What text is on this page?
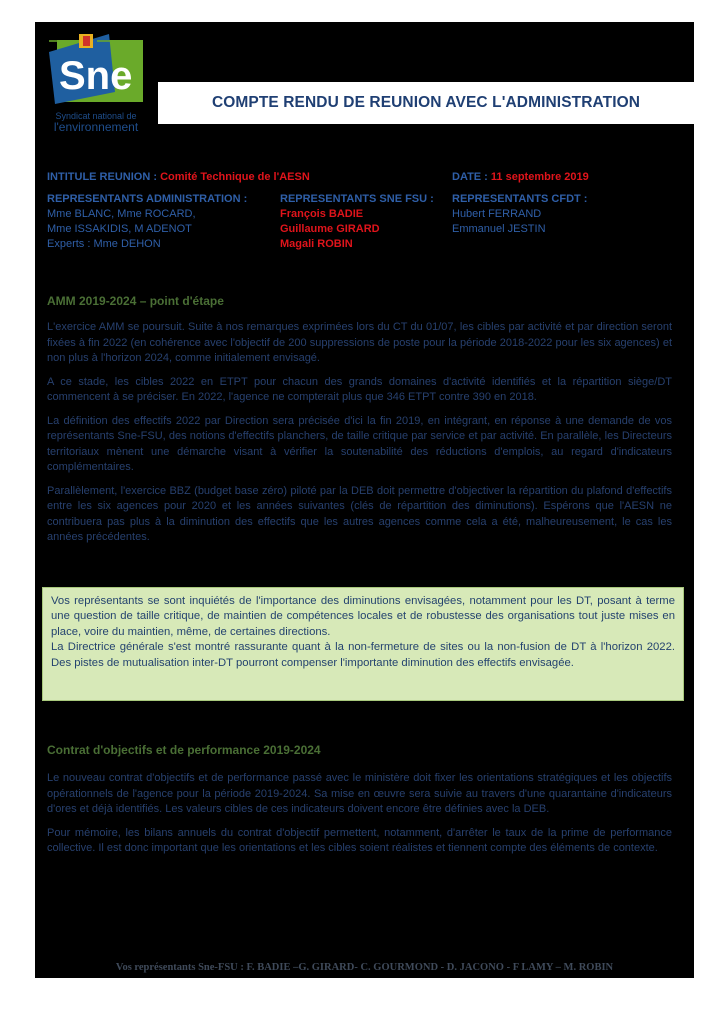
Sne
Syndicat national de
l'environnement
COMPTE RENDU DE REUNION AVEC L'ADMINISTRATION
INTITULE REUNION : Comité Technique de l'AESN	DATE : 11 septembre 2019
REPRESENTANTS ADMINISTRATION :
Mme BLANC, Mme ROCARD,
Mme ISSAKIDIS, M ADENOT
Experts : Mme DEHON
REPRESENTANTS SNE FSU :
François BADIE
Guillaume GIRARD
Magali ROBIN
REPRESENTANTS CFDT :
Hubert FERRAND
Emmanuel JESTIN
AMM 2019-2024 – point d'étape

L'exercice AMM se poursuit. Suite à nos remarques exprimées lors du CT du 01/07, les cibles par activité et par direction seront fixées à fin 2022 (en cohérence avec l'objectif de 200 suppressions de poste pour la période 2018-2022 pour les six agences) et non plus à l'horizon 2024, comme initialement envisagé.

A ce stade, les cibles 2022 en ETPT pour chacun des grands domaines d'activité identifiés et la répartition siège/DT commencent à se préciser. En 2022, l'agence ne compterait plus que 346 ETPT contre 390 en 2018.

La définition des effectifs 2022 par Direction sera précisée d'ici la fin 2019, en intégrant, en réponse à une demande de vos représentants Sne-FSU, des notions d'effectifs planchers, de taille critique par service et par activité. En parallèle, les Directeurs territoriaux mènent une démarche visant à vérifier la soutenabilité des réductions d'emplois, au regard d'indicateurs complémentaires.

Parallèlement, l'exercice BBZ (budget base zéro) piloté par la DEB doit permettre d'objectiver la répartition du plafond d'effectifs entre les six agences pour 2020 et les années suivantes (clés de répartition des diminutions). Espérons que l'AESN ne contribuera pas plus à la diminution des effectifs que les autres agences comme cela a été, malheureusement, le cas les années précédentes.

Vos représentants se sont inquiétés de l'importance des diminutions envisagées, notamment pour les DT, posant à terme une question de taille critique, de maintien de compétences locales et de robustesse des organisations tout juste mises en place, voire du maintien, même, de certaines directions.

La Directrice générale s'est montré rassurante quant à la non-fermeture de sites ou la non-fusion de DT à l'horizon 2022. Des pistes de mutualisation inter-DT pourront compenser l'importante diminution des effectifs envisagée.

Contrat d'objectifs et de performance 2019-2024

Le nouveau contrat d'objectifs et de performance passé avec le ministère doit fixer les orientations stratégiques et les objectifs opérationnels de l'agence pour la période 2019-2024. Sa mise en œuvre sera suivie au travers d'une quarantaine d'indicateurs d'ores et déjà identifiés. Les valeurs cibles de ces indicateurs doivent encore être définies avec la DEB.

Pour mémoire, les bilans annuels du contrat d'objectif permettent, notamment, d'arrêter le taux de la prime de performance collective. Il est donc important que les orientations et les cibles soient réalistes et tiennent compte des éléments de contexte.

Vos représentants Sne-FSU : F. BADIE –G. GIRARD- C. GOURMOND - D. JACONO - F LAMY – M. ROBIN
